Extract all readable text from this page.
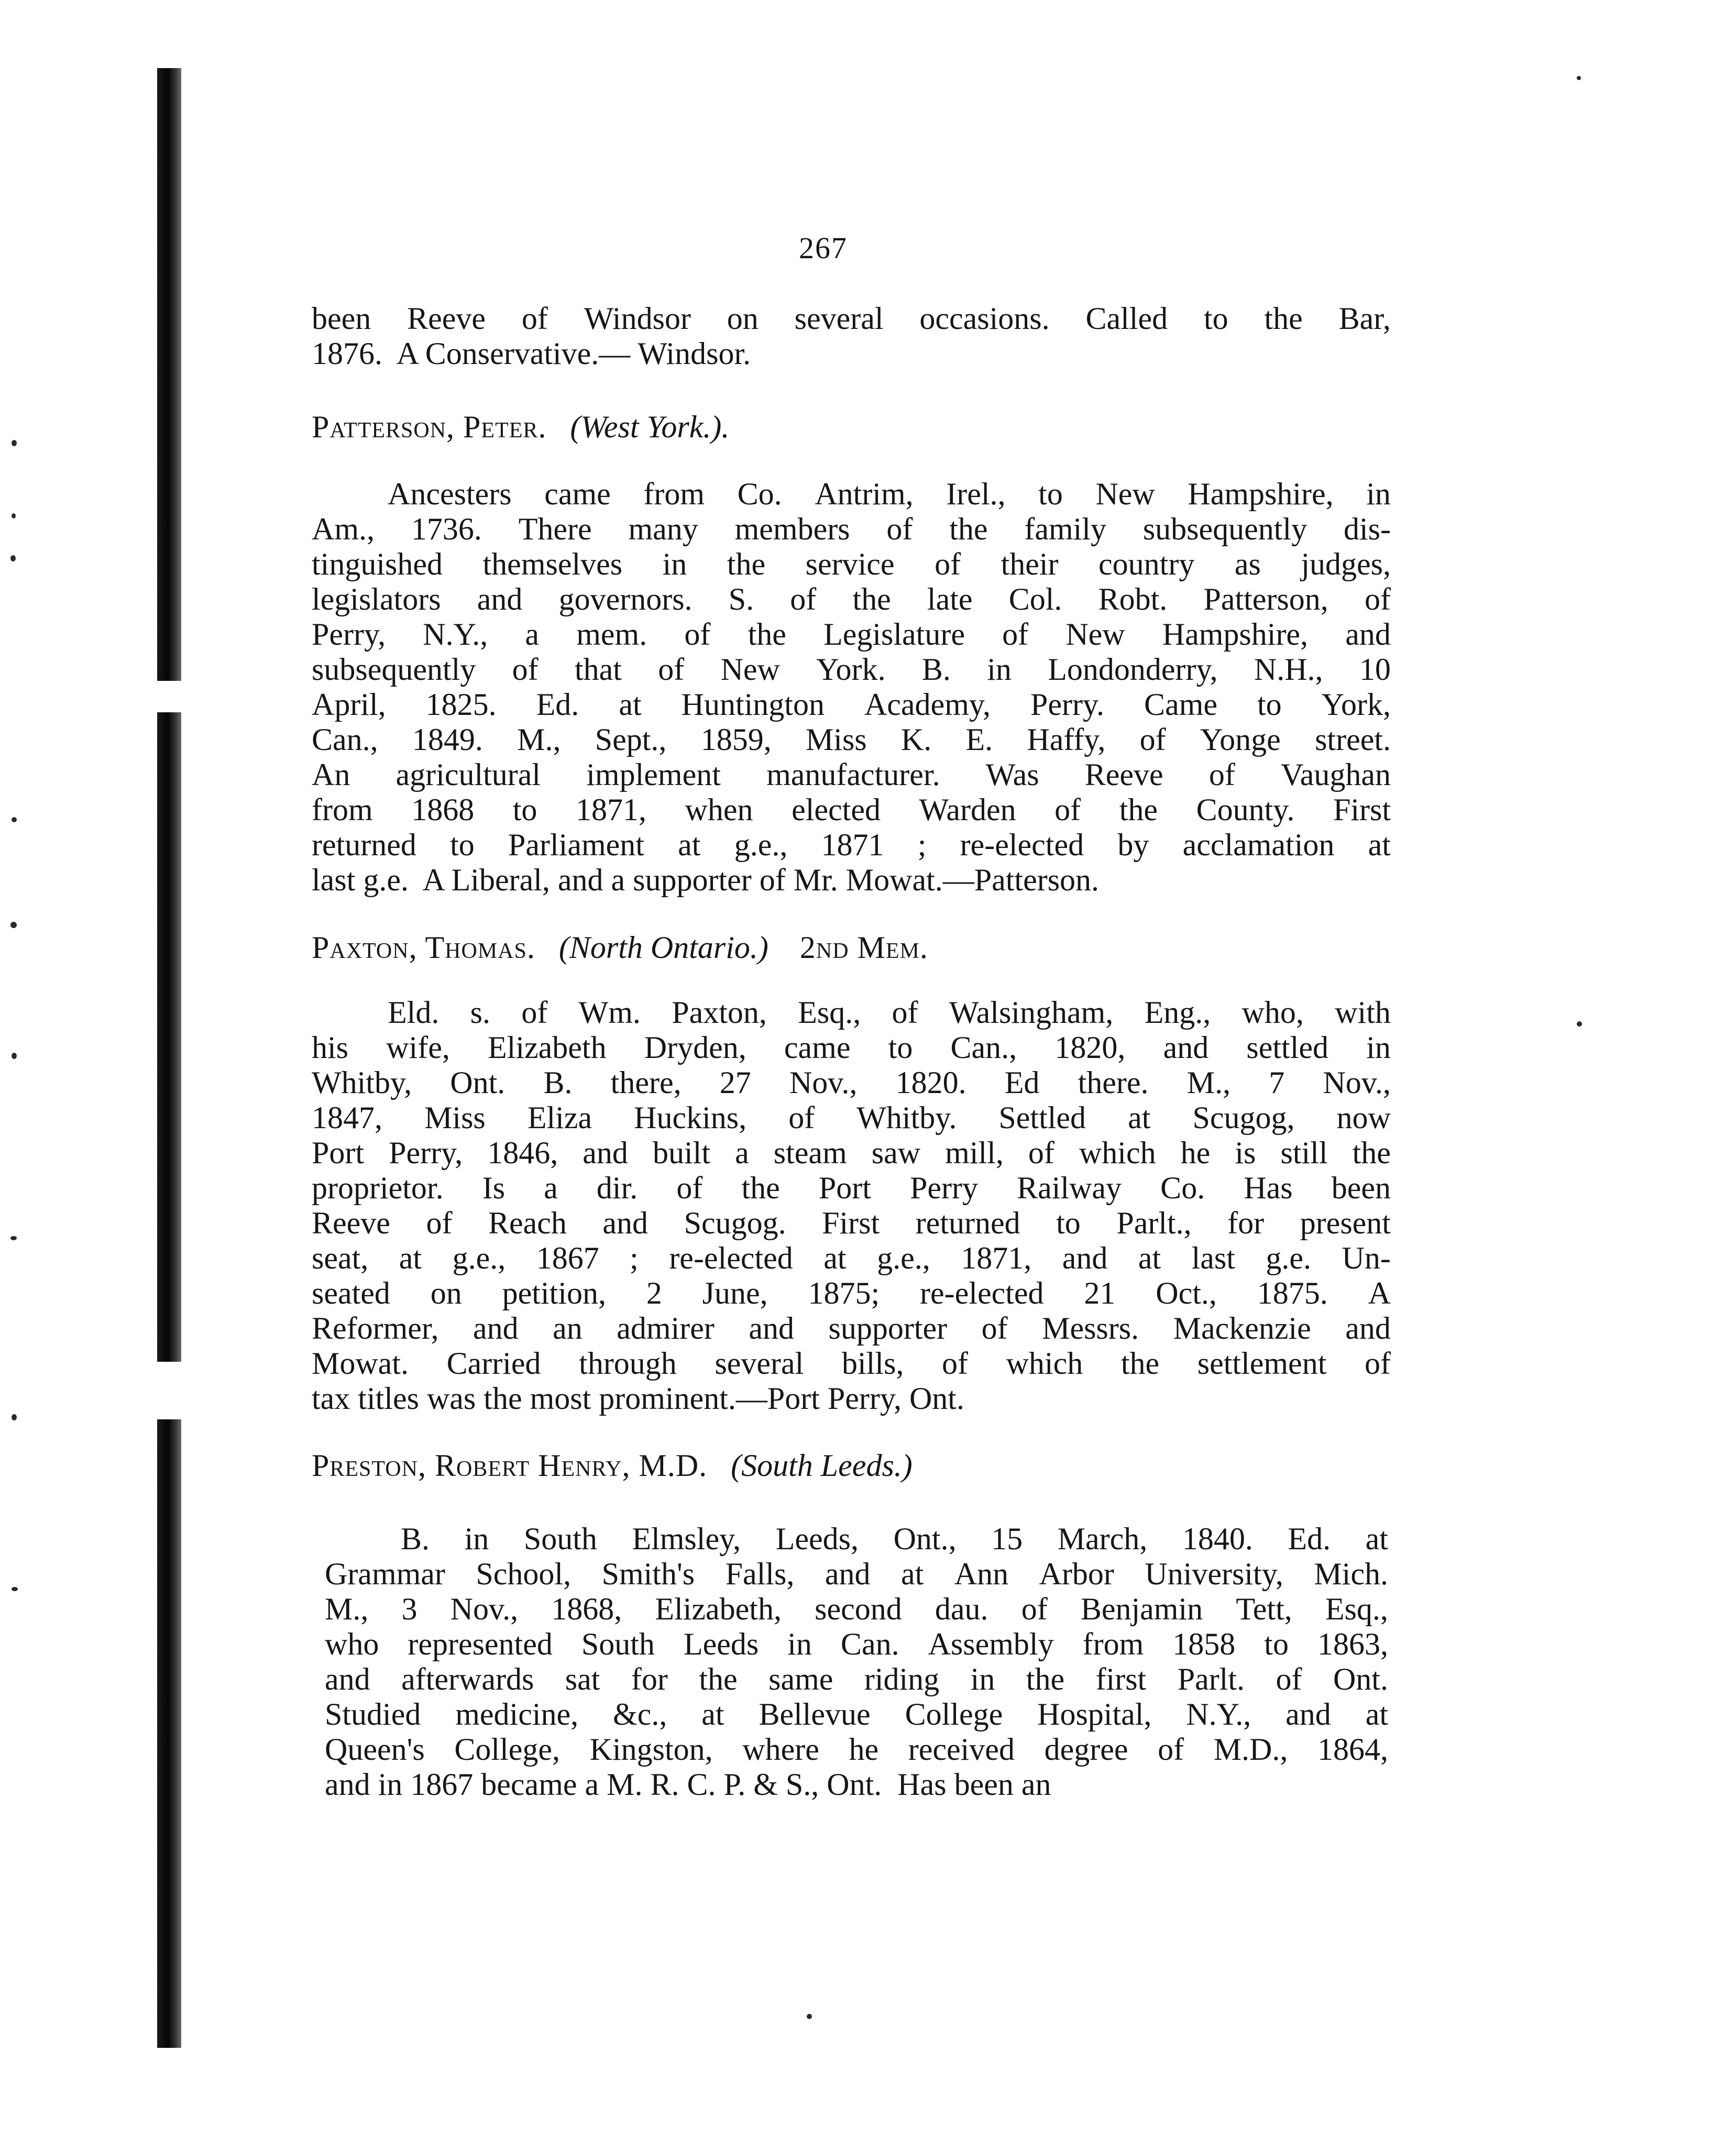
267
been Reeve of Windsor on several occasions. Called to the Bar,
1876.  A Conservative.— Windsor.
Patterson, Peter. (West York.).
Ancesters came from Co. Antrim, Irel., to New Hampshire, in
Am., 1736. There many members of the family subsequently dis-
tinguished themselves in the service of their country as judges,
legislators and governors. S. of the late Col. Robt. Patterson, of
Perry, N.Y., a mem. of the Legislature of New Hampshire, and
subsequently of that of New York. B. in Londonderry, N.H., 10
April, 1825. Ed. at Huntington Academy, Perry. Came to York,
Can., 1849. M., Sept., 1859, Miss K. E. Haffy, of Yonge street.
An agricultural implement manufacturer. Was Reeve of Vaughan
from 1868 to 1871, when elected Warden of the County. First
returned to Parliament at g.e., 1871 ; re-elected by acclamation at
last g.e.  A Liberal, and a supporter of Mr. Mowat.—Patterson.
Paxton, Thomas. (North Ontario.) 2nd Mem.
Eld. s. of Wm. Paxton, Esq., of Walsingham, Eng., who, with
his wife, Elizabeth Dryden, came to Can., 1820, and settled in
Whitby, Ont. B. there, 27 Nov., 1820. Ed there. M., 7 Nov.,
1847, Miss Eliza Huckins, of Whitby. Settled at Scugog, now
Port Perry, 1846, and built a steam saw mill, of which he is still the
proprietor. Is a dir. of the Port Perry Railway Co. Has been
Reeve of Reach and Scugog. First returned to Parlt., for present
seat, at g.e., 1867 ; re-elected at g.e., 1871, and at last g.e. Un-
seated on petition, 2 June, 1875; re-elected 21 Oct., 1875. A
Reformer, and an admirer and supporter of Messrs. Mackenzie and
Mowat. Carried through several bills, of which the settlement of
tax titles was the most prominent.—Port Perry, Ont.
Preston, Robert Henry, M.D. (South Leeds.)
B. in South Elmsley, Leeds, Ont., 15 March, 1840. Ed. at
Grammar School, Smith's Falls, and at Ann Arbor University, Mich.
M., 3 Nov., 1868, Elizabeth, second dau. of Benjamin Tett, Esq.,
who represented South Leeds in Can. Assembly from 1858 to 1863,
and afterwards sat for the same riding in the first Parlt. of Ont.
Studied medicine, &c., at Bellevue College Hospital, N.Y., and at
Queen's College, Kingston, where he received degree of M.D., 1864,
and in 1867 became a M. R. C. P. & S., Ont.  Has been an
